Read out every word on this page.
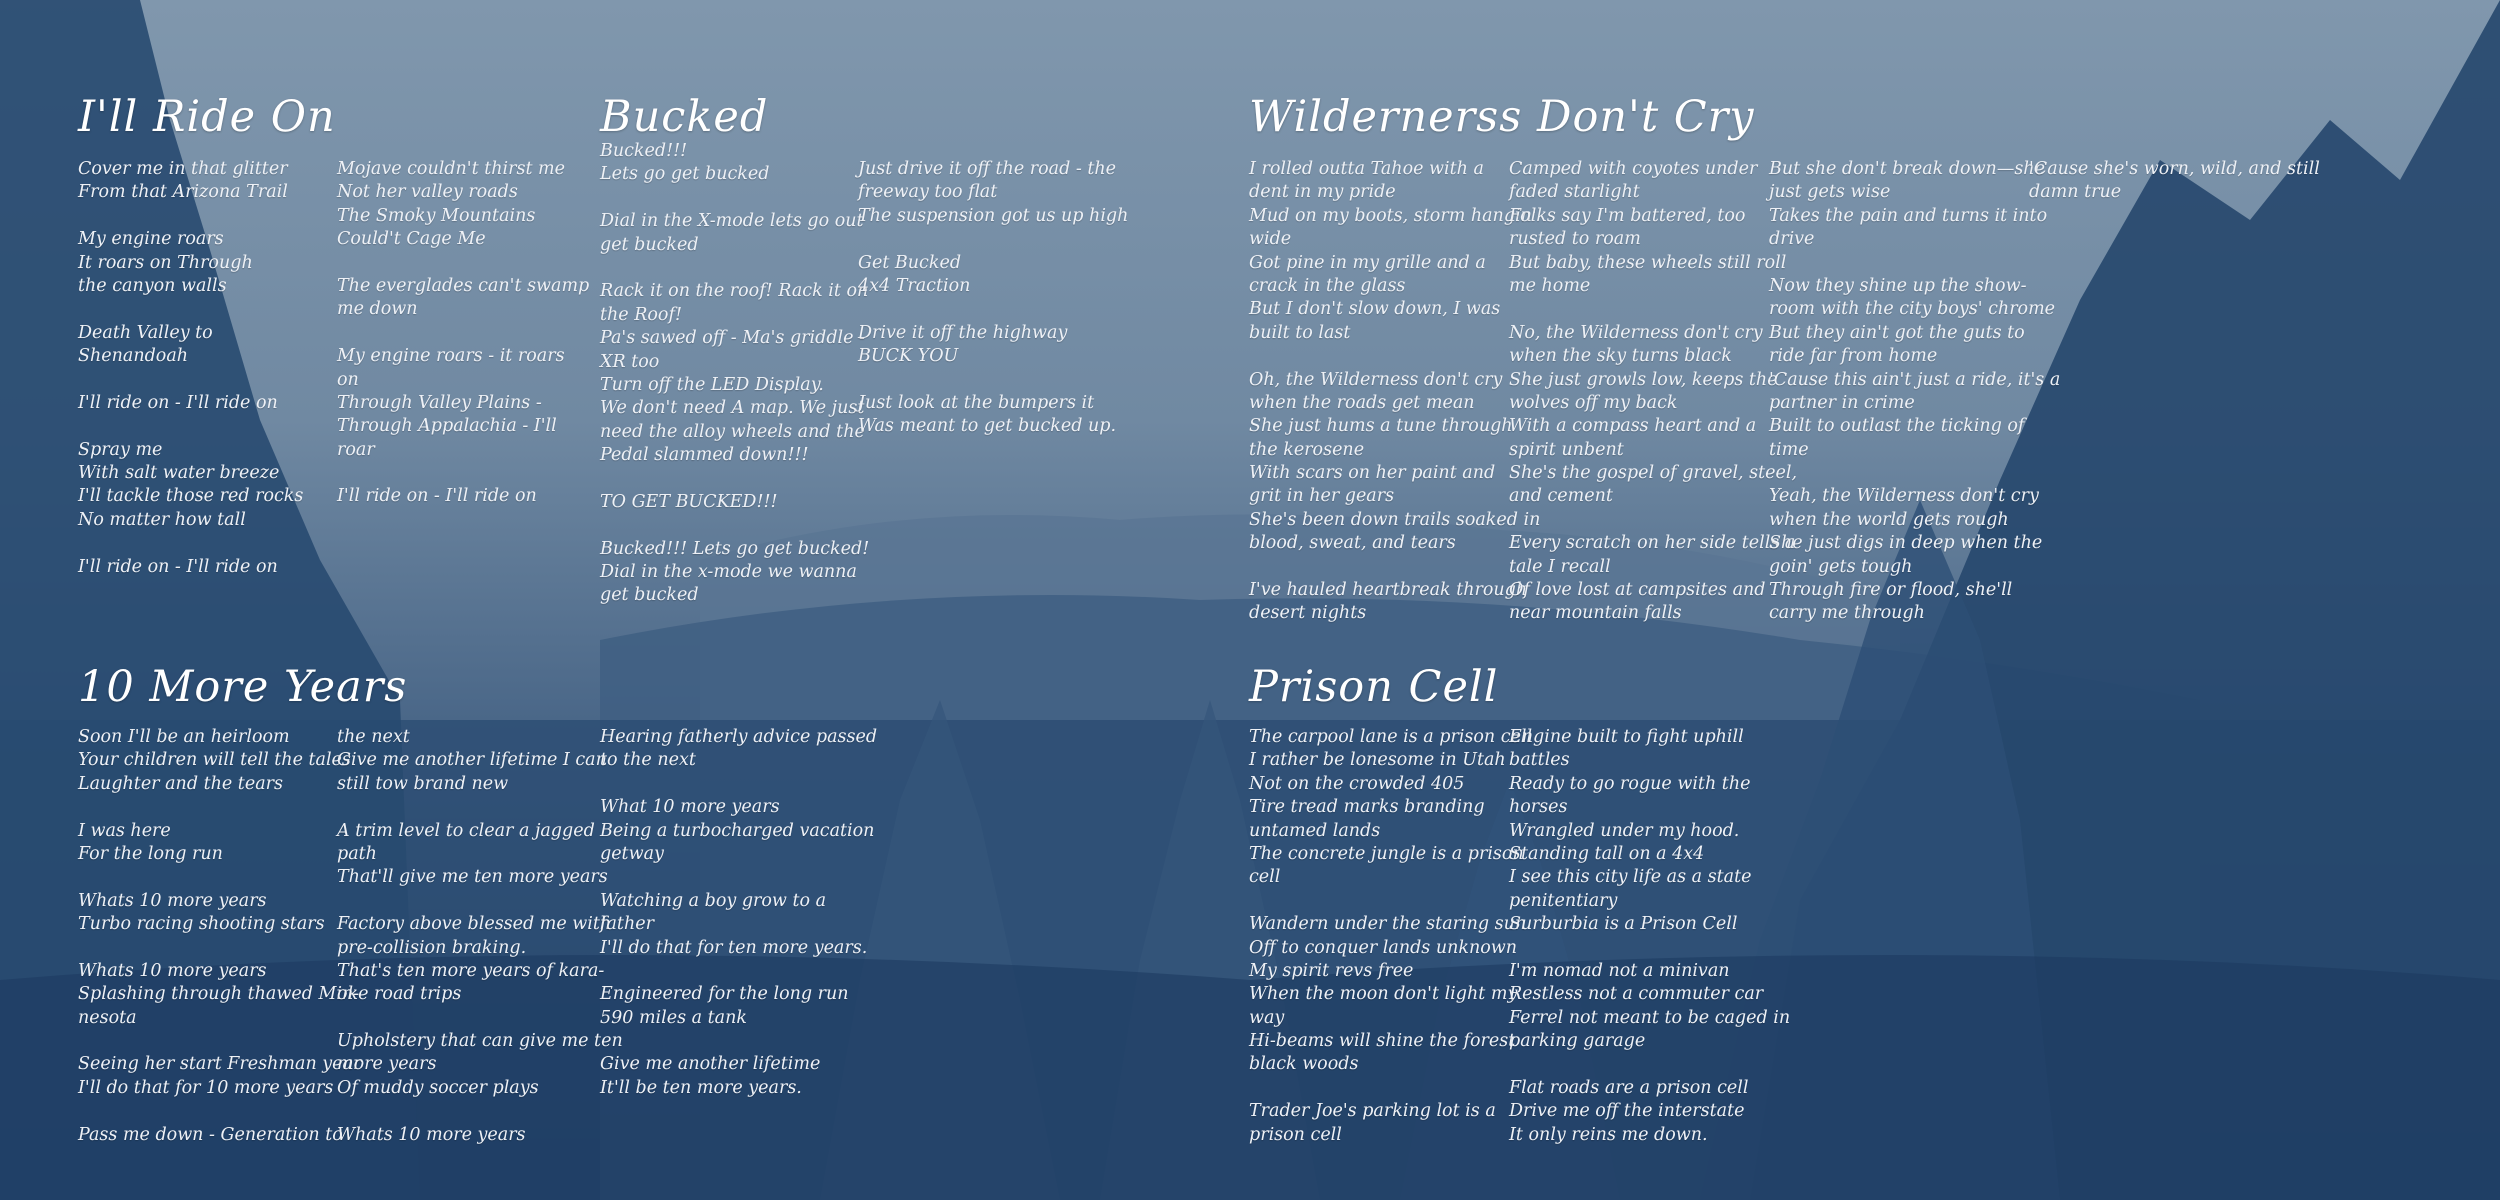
I'll Ride On
Cover me in that glitter
From that Arizona Trail
My engine roars
It roars on Through
the canyon walls
Death Valley to
Shenandoah
I'll ride on - I'll ride on
Spray me
With salt water breeze
I'll tackle those red rocks
No matter how tall
I'll ride on - I'll ride on
Mojave couldn't thirst me
Not her valley roads
The Smoky Mountains
Could't Cage Me
The everglades can't swamp
me down
My engine roars - it roars
on
Through Valley Plains -
Through Appalachia - I'll
roar
I'll ride on - I'll ride on
Bucked
Bucked!!!
Lets go get bucked
Dial in the X-mode lets go out
get bucked
Rack it on the roof! Rack it on
the Roof!
Pa's sawed off - Ma's griddle -
XR too
Turn off the LED Display.
We don't need A map. We just
need the alloy wheels and the
Pedal slammed down!!!
TO GET BUCKED!!!
Bucked!!! Lets go get bucked!
Dial in the x-mode we wanna
get bucked
Just drive it off the road - the
freeway too flat
The suspension got us up high
Get Bucked
4x4 Traction
Drive it off the highway
BUCK YOU
Just look at the bumpers it
Was meant to get bucked up.
Wildernerss Don't Cry
I rolled outta Tahoe with a
dent in my pride
Mud on my boots, storm hangin'
wide
Got pine in my grille and a
crack in the glass
But I don't slow down, I was
built to last
Oh, the Wilderness don't cry
when the roads get mean
She just hums a tune through
the kerosene
With scars on her paint and
grit in her gears
She's been down trails soaked in
blood, sweat, and tears
I've hauled heartbreak through
desert nights
Camped with coyotes under
faded starlight
Folks say I'm battered, too
rusted to roam
But baby, these wheels still roll
me home
No, the Wilderness don't cry
when the sky turns black
She just growls low, keeps the
wolves off my back
With a compass heart and a
spirit unbent
She's the gospel of gravel, steel,
and cement
Every scratch on her side tells a
tale I recall
Of love lost at campsites and
near mountain falls
But she don't break down—she
just gets wise
Takes the pain and turns it into
drive
Now they shine up the show-
room with the city boys' chrome
But they ain't got the guts to
ride far from home
'Cause this ain't just a ride, it's a
partner in crime
Built to outlast the ticking of
time
Yeah, the Wilderness don't cry
when the world gets rough
She just digs in deep when the
goin' gets tough
Through fire or flood, she'll
carry me through
'Cause she's worn, wild, and still
damn true
10 More Years
Soon I'll be an heirloom
Your children will tell the tales
Laughter and the tears
I was here
For the long run
Whats 10 more years
Turbo racing shooting stars
Whats 10 more years
Splashing through thawed Min-
nesota
Seeing her start Freshman year
I'll do that for 10 more years
Pass me down - Generation to
the next
Give me another lifetime I can
still tow brand new
A trim level to clear a jagged
path
That'll give me ten more years
Factory above blessed me with
pre-collision braking.
That's ten more years of kara-
oke road trips
Upholstery that can give me ten
more years
Of muddy soccer plays
Whats 10 more years
Hearing fatherly advice passed
to the next
What 10 more years
Being a turbocharged vacation
getway
Watching a boy grow to a
father
I'll do that for ten more years.
Engineered for the long run
590 miles a tank
Give me another lifetime
It'll be ten more years.
Prison Cell
The carpool lane is a prison cell
I rather be lonesome in Utah
Not on the crowded 405
Tire tread marks branding
untamed lands
The concrete jungle is a prison
cell
Wandern under the staring sun
Off to conquer lands unknown
My spirit revs free
When the moon don't light my
way
Hi-beams will shine the forest
black woods
Trader Joe's parking lot is a
prison cell
Engine built to fight uphill
battles
Ready to go rogue with the
horses
Wrangled under my hood.
Standing tall on a 4x4
I see this city life as a state
penitentiary
Surburbia is a Prison Cell
I'm nomad not a minivan
Restless not a commuter car
Ferrel not meant to be caged in
parking garage
Flat roads are a prison cell
Drive me off the interstate
It only reins me down.
